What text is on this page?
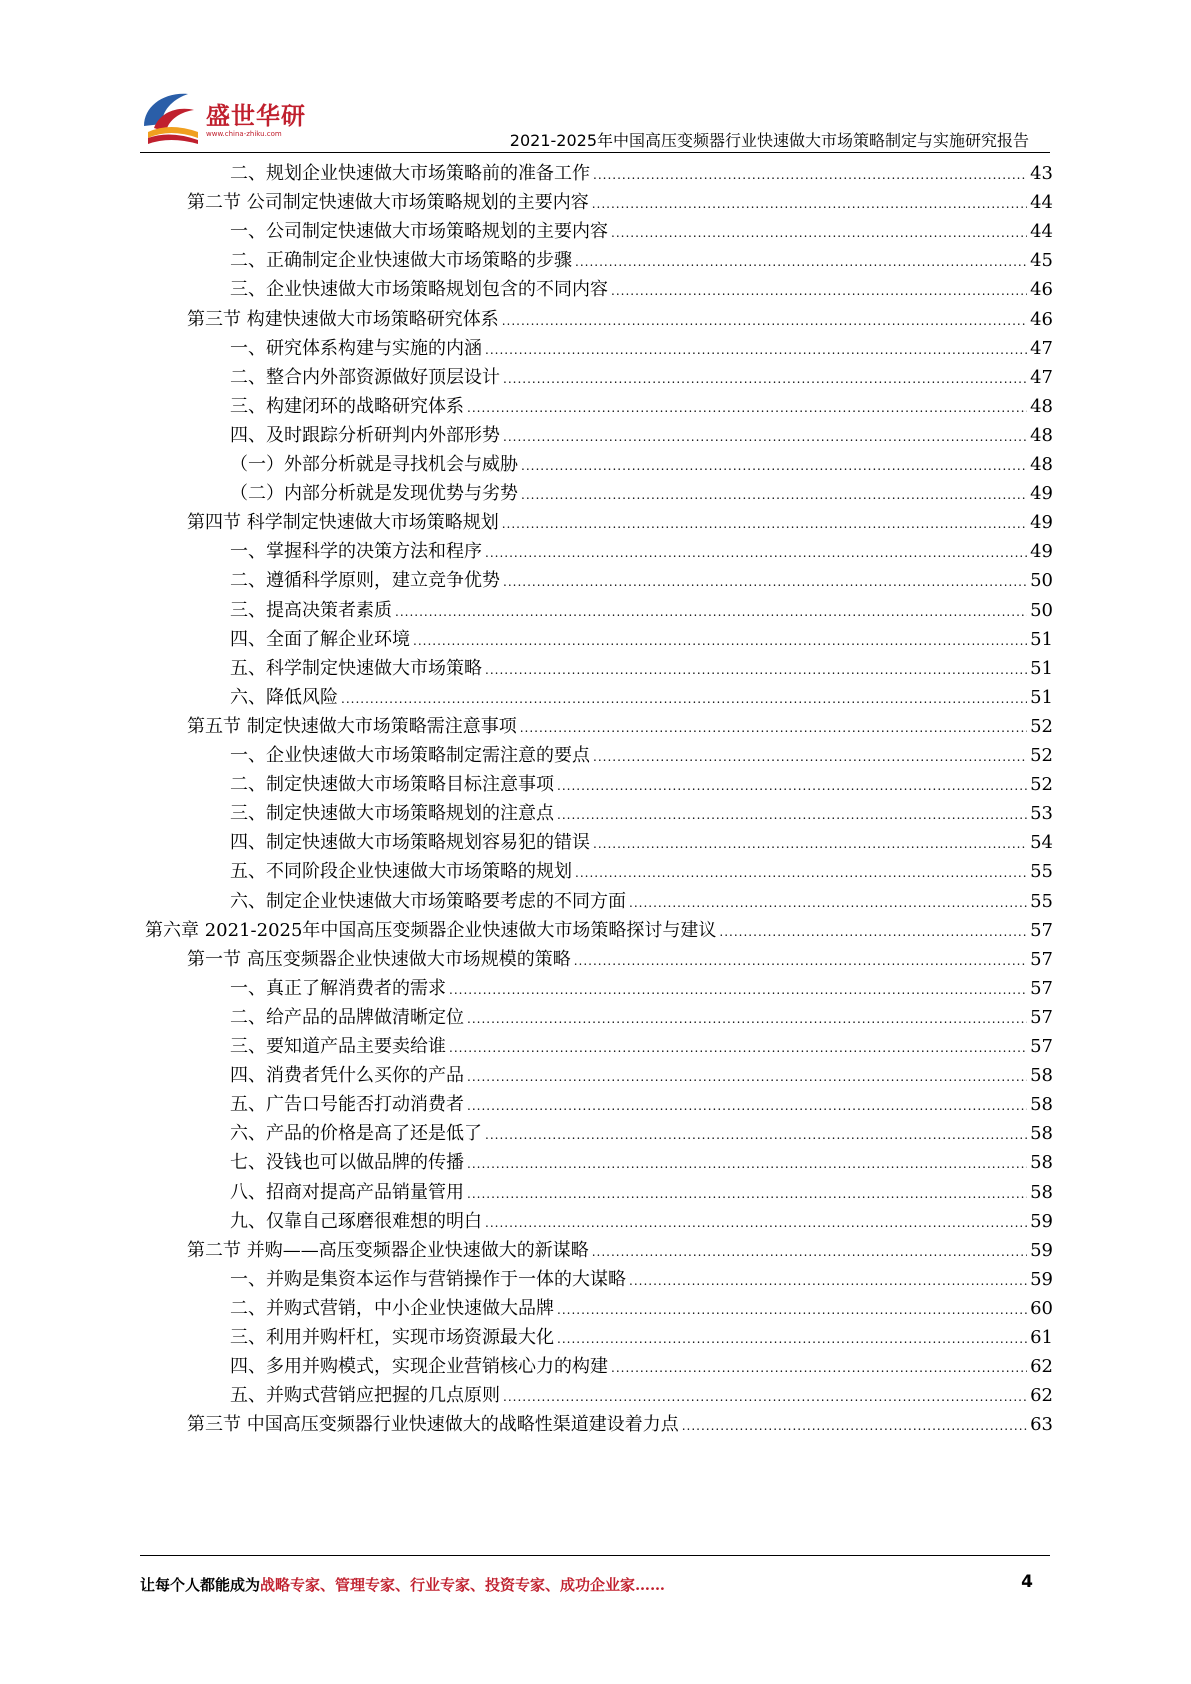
盛世华研
www.china-zhiku.com	2021-2025年中国高压变频器行业快速做大市场策略制定与实施研究报告
二、规划企业快速做大市场策略前的准备工作 .....	43
第二节 公司制定快速做大市场策略规划的主要内容 .....	44
一、公司制定快速做大市场策略规划的主要内容 .....	44
二、正确制定企业快速做大市场策略的步骤 .....	45
三、企业快速做大市场策略规划包含的不同内容 .....	46
第三节 构建快速做大市场策略研究体系 .....	46
一、研究体系构建与实施的内涵 .....	47
二、整合内外部资源做好顶层设计 .....	47
三、构建闭环的战略研究体系 .....	48
四、及时跟踪分析研判内外部形势 .....	48
（一）外部分析就是寻找机会与威胁 .....	48
（二）内部分析就是发现优势与劣势 .....	49
第四节 科学制定快速做大市场策略规划 .....	49
一、掌握科学的决策方法和程序 .....	49
二、遵循科学原则，建立竞争优势 .....	50
三、提高决策者素质 .....	50
四、全面了解企业环境 .....	51
五、科学制定快速做大市场策略 .....	51
六、降低风险 .....	51
第五节 制定快速做大市场策略需注意事项 .....	52
一、企业快速做大市场策略制定需注意的要点 .....	52
二、制定快速做大市场策略目标注意事项 .....	52
三、制定快速做大市场策略规划的注意点 .....	53
四、制定快速做大市场策略规划容易犯的错误 .....	54
五、不同阶段企业快速做大市场策略的规划 .....	55
六、制定企业快速做大市场策略要考虑的不同方面 .....	55
第六章 2021-2025年中国高压变频器企业快速做大市场策略探讨与建议 .....	57
第一节 高压变频器企业快速做大市场规模的策略 .....	57
一、真正了解消费者的需求 .....	57
二、给产品的品牌做清晰定位 .....	57
三、要知道产品主要卖给谁 .....	57
四、消费者凭什么买你的产品 .....	58
五、广告口号能否打动消费者 .....	58
六、产品的价格是高了还是低了 .....	58
七、没钱也可以做品牌的传播 .....	58
八、招商对提高产品销量管用 .....	58
九、仅靠自己琢磨很难想的明白 .....	59
第二节 并购——高压变频器企业快速做大的新谋略 .....	59
一、并购是集资本运作与营销操作于一体的大谋略 .....	59
二、并购式营销，中小企业快速做大品牌 .....	60
三、利用并购杆杠，实现市场资源最大化 .....	61
四、多用并购模式，实现企业营销核心力的构建 .....	62
五、并购式营销应把握的几点原则 .....	62
第三节 中国高压变频器行业快速做大的战略性渠道建设着力点 .....	63
让每个人都能成为战略专家、管理专家、行业专家、投资专家、成功企业家……	4
